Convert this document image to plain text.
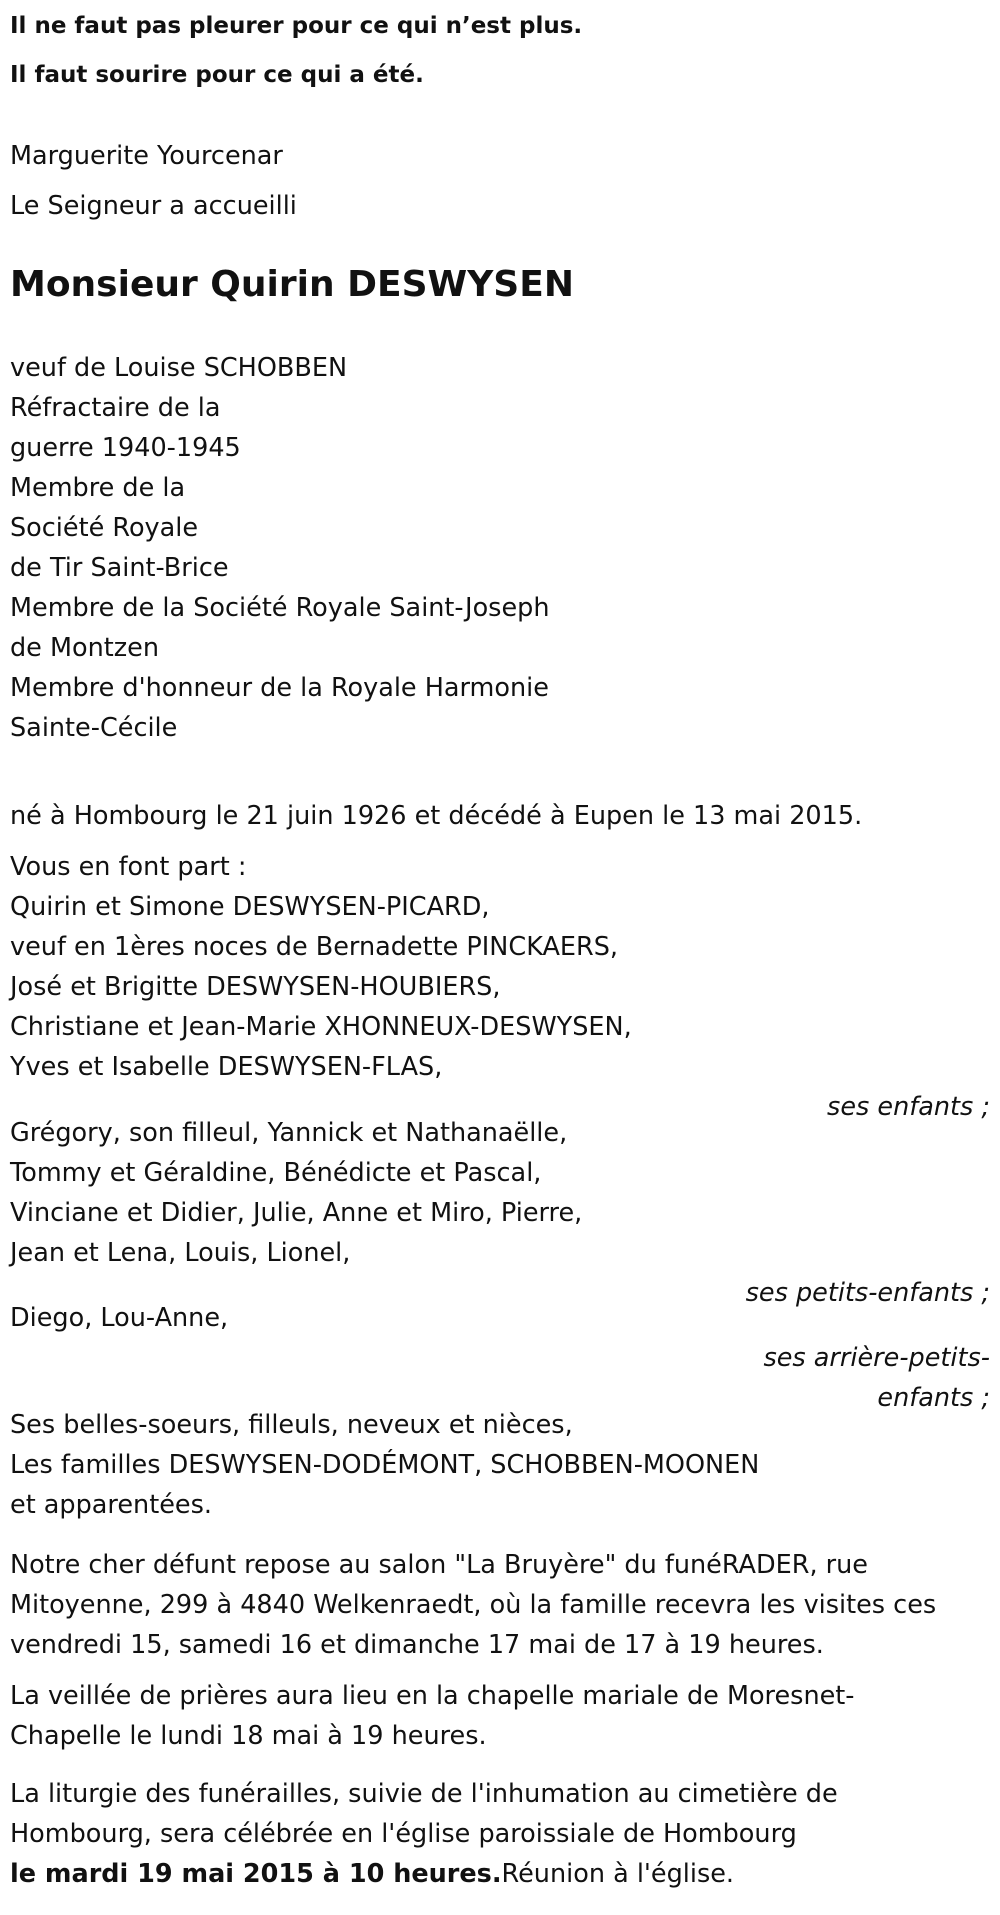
Il ne faut pas pleurer pour ce qui n’est plus.
Il faut sourire pour ce qui a été.
Marguerite Yourcenar
Le Seigneur a accueilli
Monsieur Quirin DESWYSEN
veuf de Louise SCHOBBEN
Réfractaire de la
guerre 1940-1945
Membre de la
Société Royale
de Tir Saint-Brice
Membre de la Société Royale Saint-Joseph
de Montzen
Membre d'honneur de la Royale Harmonie
Sainte-Cécile
né à Hombourg le 21 juin 1926 et décédé à Eupen le 13 mai 2015.
Vous en font part :
Quirin et Simone DESWYSEN-PICARD,
veuf en 1ères noces de Bernadette PINCKAERS,
José et Brigitte DESWYSEN-HOUBIERS,
Christiane et Jean-Marie XHONNEUX-DESWYSEN,
Yves et Isabelle DESWYSEN-FLAS,
ses enfants ;
Grégory, son filleul, Yannick et Nathanaëlle,
Tommy et Géraldine, Bénédicte et Pascal,
Vinciane et Didier, Julie, Anne et Miro, Pierre,
Jean et Lena, Louis, Lionel,
ses petits-enfants ;
Diego, Lou-Anne,
ses arrière-petits-
enfants ;
Ses belles-soeurs, filleuls, neveux et nièces,
Les familles DESWYSEN-DODÉMONT, SCHOBBEN-MOONEN
et apparentées.
Notre cher défunt repose au salon "La Bruyère" du funéRADER, rue
Mitoyenne, 299 à 4840 Welkenraedt, où la famille recevra les visites ces
vendredi 15, samedi 16 et dimanche 17 mai de 17 à 19 heures.
La veillée de prières aura lieu en la chapelle mariale de Moresnet-
Chapelle le lundi 18 mai à 19 heures.
La liturgie des funérailles, suivie de l'inhumation au cimetière de
Hombourg, sera célébrée en l'église paroissiale de Hombourg
le mardi 19 mai 2015 à 10 heures.Réunion à l'église.
